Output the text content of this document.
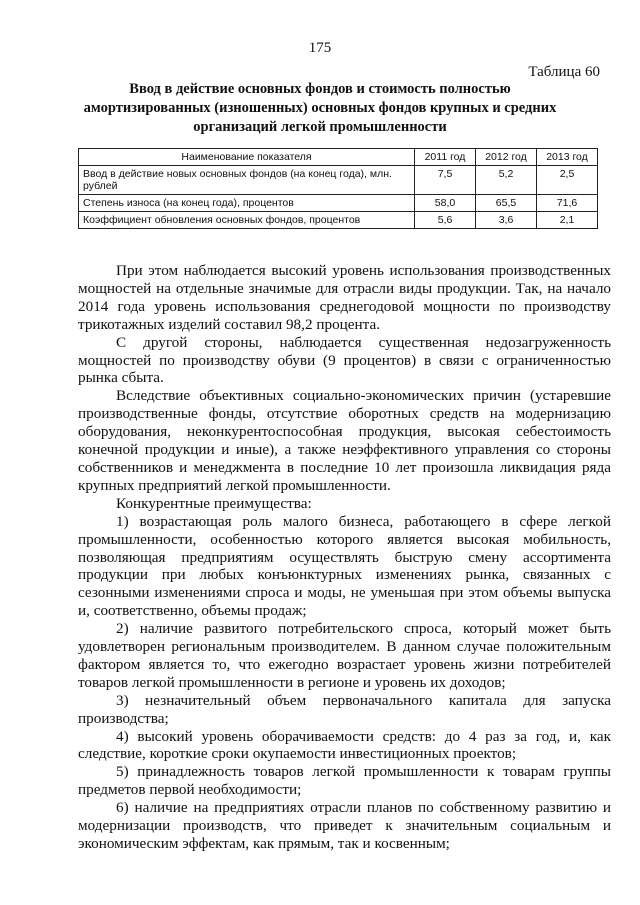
175
Таблица 60
Ввод в действие основных фондов и стоимость полностью амортизированных (изношенных) основных фондов крупных и средних организаций легкой промышленности
Наименование показателя	2011 год	2012 год	2013 год
Ввод в действие новых основных фондов (на конец года), млн. рублей	7,5	5,2	2,5
Степень износа (на конец года), процентов	58,0	65,5	71,6
Коэффициент обновления основных фондов, процентов	5,6	3,6	2,1

При этом наблюдается высокий уровень использования производственных мощностей на отдельные значимые для отрасли виды продукции. Так, на начало 2014 года уровень использования среднегодовой мощности по производству трикотажных изделий составил 98,2 процента.

С другой стороны, наблюдается существенная недозагруженность мощностей по производству обуви (9 процентов) в связи с ограниченностью рынка сбыта.

Вследствие объективных социально-экономических причин (устаревшие производственные фонды, отсутствие оборотных средств на модернизацию оборудования, неконкурентоспособная продукция, высокая себестоимость конечной продукции и иные), а также неэффективного управления со стороны собственников и менеджмента в последние 10 лет произошла ликвидация ряда крупных предприятий легкой промышленности.

Конкурентные преимущества:

1) возрастающая роль малого бизнеса, работающего в сфере легкой промышленности, особенностью которого является высокая мобильность, позволяющая предприятиям осуществлять быструю смену ассортимента продукции при любых конъюнктурных изменениях рынка, связанных с сезонными изменениями спроса и моды, не уменьшая при этом объемы выпуска и, соответственно, объемы продаж;

2) наличие развитого потребительского спроса, который может быть удовлетворен региональным производителем. В данном случае положительным фактором является то, что ежегодно возрастает уровень жизни потребителей товаров легкой промышленности в регионе и уровень их доходов;

3) незначительный объем первоначального капитала для запуска производства;

4) высокий уровень оборачиваемости средств: до 4 раз за год, и, как следствие, короткие сроки окупаемости инвестиционных проектов;

5) принадлежность товаров легкой промышленности к товарам группы предметов первой необходимости;

6) наличие на предприятиях отрасли планов по собственному развитию и модернизации производств, что приведет к значительным социальным и экономическим эффектам, как прямым, так и косвенным;
